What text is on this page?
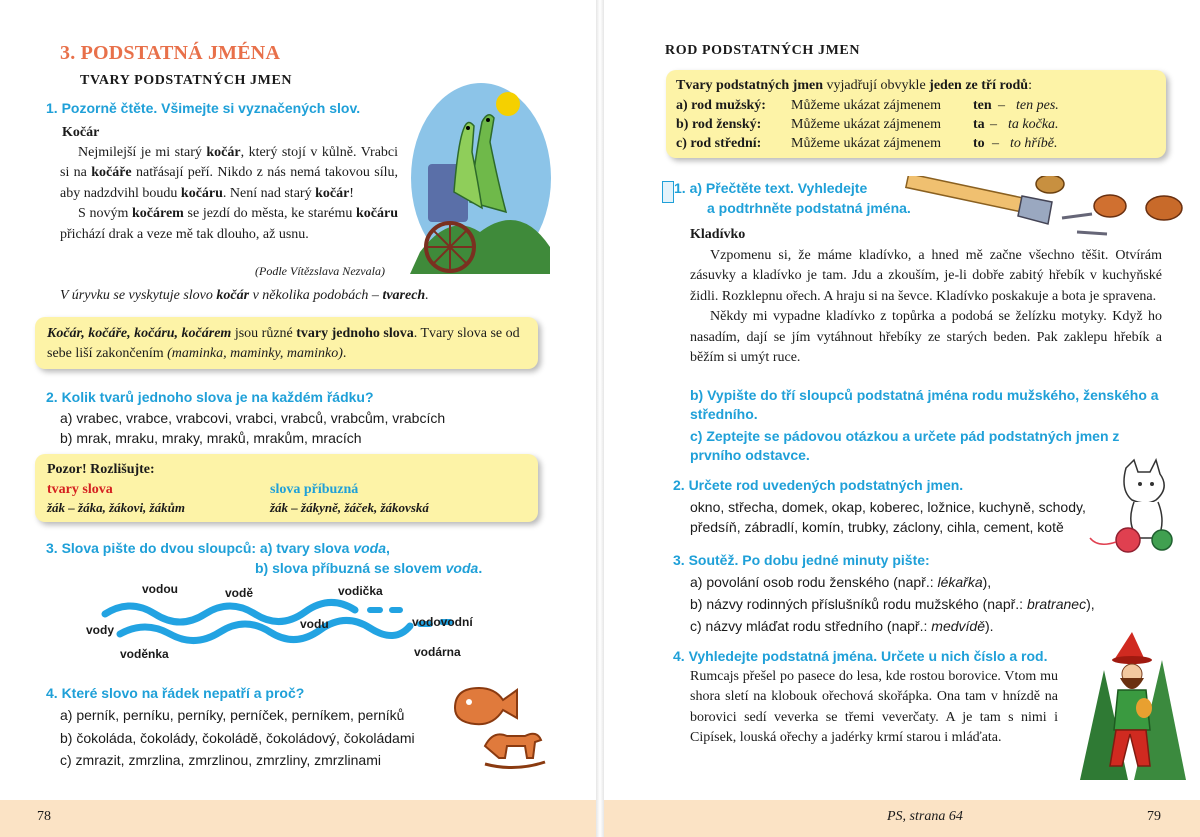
3. PODSTATNÁ JMÉNA
TVARY PODSTATNÝCH JMEN
1. Pozorně čtěte. Všimejte si vyznačených slov.
Kočár

Nejmilejší je mi starý kočár, který stojí v kůlně. Vrabci si na kočáře natřásají peří. Nikdo z nás nemá takovou sílu, aby nadzdvihl boudu kočáru. Není nad starý kočár!

S novým kočárem se jezdí do města, ke starému kočáru přichází drak a veze mě tak dlouho, až usnu.

(Podle Vítězslava Nezvala)
V úryvku se vyskytuje slovo kočár v několika podobách – tvarech.
Kočár, kočáře, kočáru, kočárem jsou různé tvary jednoho slova. Tvary slova se od sebe liší zakončením (maminka, maminky, maminko).
2. Kolik tvarů jednoho slova je na každém řádku?
a) vrabec, vrabce, vrabcovi, vrabci, vrabců, vrabcům, vrabcích
b) mrak, mraku, mraky, mraků, mrakům, mracích
Pozor! Rozlišujte:
tvary slova
žák – žáka, žákovi, žákům
slova příbuzná
žák – žákyně, žáček, žákovská
3. Slova pište do dvou sloupců: a) tvary slova voda,
b) slova příbuzná se slovem voda.
vodou	vodě	vodička
vody	vodu	vodovodní
voděnka	vodárna
4. Které slovo na řádek nepatří a proč?
a) perník, perníku, perníky, perníček, perníkem, perníků
b) čokoláda, čokolády, čokoládě, čokoládový, čokoládami
c) zmrazit, zmrzlina, zmrzlinou, zmrzliny, zmrzlinami
ROD PODSTATNÝCH JMEN
Tvary podstatných jmen vyjadřují obvykle jeden ze tří rodů:
a) rod mužský: Můžeme ukázat zájmenem ten – ten pes.
b) rod ženský: Můžeme ukázat zájmenem ta – ta kočka.
c) rod střední: Můžeme ukázat zájmenem to – to hříbě.
1. a) Přečtěte text. Vyhledejte
a podtrhněte podstatná jména.
Kladívko

Vzpomenu si, že máme kladívko, a hned mě začne všechno těšit. Otvírám zásuvky a kladívko je tam. Jdu a zkouším, je-li dobře zabitý hřebík v kuchyňské židli. Rozklepnu ořech. A hraju si na ševce. Kladívko poskakuje a bota je spravena.

Někdy mi vypadne kladívko z topůrka a podobá se želízku motyky. Když ho nasadím, dají se jím vytáhnout hřebíky ze starých beden. Pak zaklepu hřebík a běžím si umýt ruce.

b) Vypište do tří sloupců podstatná jména rodu mužského, ženského a středního.
c) Zeptejte se pádovou otázkou a určete pád podstatných jmen z prvního odstavce.
2. Určete rod uvedených podstatných jmen.
okno, střecha, domek, okap, koberec, ložnice, kuchyně, schody, předsíň, zábradlí, komín, trubky, záclony, cihla, cement, kotě
3. Soutěž. Po dobu jedné minuty pište:
a) povolání osob rodu ženského (např.: lékařka),
b) názvy rodinných příslušníků rodu mužského (např.: bratranec),
c) názvy mláďat rodu středního (např.: medvídě).
4. Vyhledejte podstatná jména. Určete u nich číslo a rod.
Rumcajs přešel po pasece do lesa, kde rostou borovice. Vtom mu shora sletí na klobouk ořechová skořápka. Ona tam v hnízdě na borovici sedí veverka se třemi veverčaty. A je tam s nimi i Cipísek, louská ořechy a jadérky krmí starou i mláďata.
78	PS, strana 64	79
